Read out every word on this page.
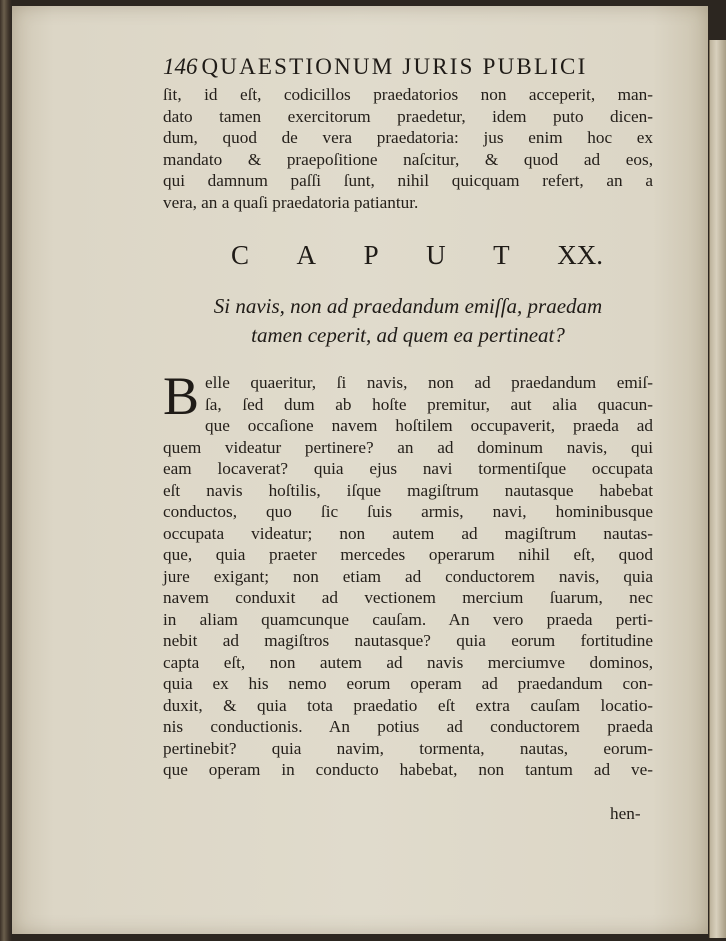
146 QUAESTIONUM JURIS PUBLICI
ſit, id eſt, codicillos praedatorios non acceperit, man-
dato tamen exercitorum praedetur, idem puto dicen-
dum, quod de vera praedatoria: jus enim hoc ex
mandato & praepoſitione naſcitur, & quod ad eos,
qui damnum paſſi ſunt, nihil quicquam refert, an a
vera, an a quaſi praedatoria patiantur.
C A P U T XX.
Si navis, non ad praedandum emiſſa, praedam
tamen ceperit, ad quem ea pertineat?
B elle quaeritur, ſi navis, non ad praedandum emiſ-
ſa, ſed dum ab hoſte premitur, aut alia quacun-
que occaſione navem hoſtilem occupaverit, praeda ad
quem videatur pertinere? an ad dominum navis, qui
eam locaverat? quia ejus navi tormentiſque occupata
eſt navis hoſtilis, iſque magiſtrum nautasque habebat
conductos, quo ſic ſuis armis, navi, hominibusque
occupata videatur; non autem ad magiſtrum nautas-
que, quia praeter mercedes operarum nihil eſt, quod
jure exigant; non etiam ad conductorem navis, quia
navem conduxit ad vectionem mercium ſuarum, nec
in aliam quamcunque cauſam. An vero praeda perti-
nebit ad magiſtros nautasque? quia eorum fortitudine
capta eſt, non autem ad navis merciumve dominos,
quia ex his nemo eorum operam ad praedandum con-
duxit, & quia tota praedatio eſt extra cauſam locatio-
nis conductionis. An potius ad conductorem praeda
pertinebit? quia navim, tormenta, nautas, eorum-
que operam in conducto habebat, non tantum ad ve-
hen-
